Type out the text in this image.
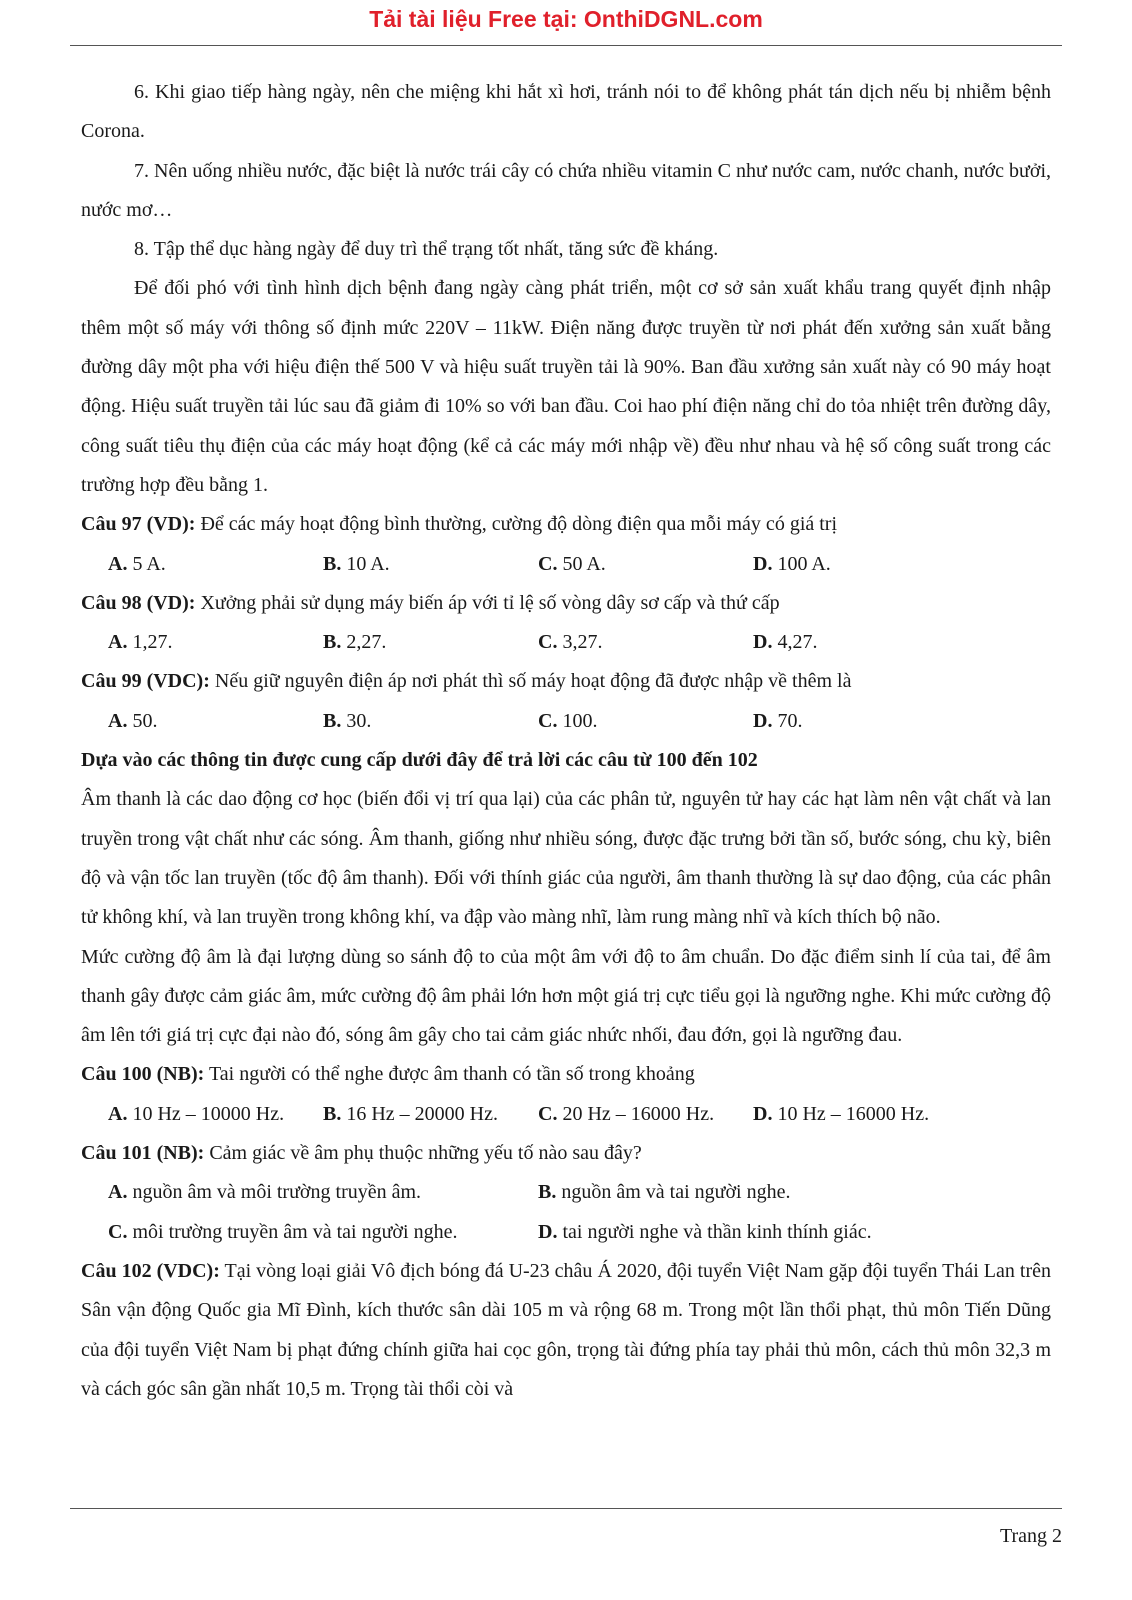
Tải tài liệu Free tại: OnthiDGNL.com

6. Khi giao tiếp hàng ngày, nên che miệng khi hắt xì hơi, tránh nói to để không phát tán dịch nếu bị nhiễm bệnh Corona.

7. Nên uống nhiều nước, đặc biệt là nước trái cây có chứa nhiều vitamin C như nước cam, nước chanh, nước bưởi, nước mơ…

8. Tập thể dục hàng ngày để duy trì thể trạng tốt nhất, tăng sức đề kháng.

Để đối phó với tình hình dịch bệnh đang ngày càng phát triển, một cơ sở sản xuất khẩu trang quyết định nhập thêm một số máy với thông số định mức 220V – 11kW. Điện năng được truyền từ nơi phát đến xưởng sản xuất bằng đường dây một pha với hiệu điện thế 500 V và hiệu suất truyền tải là 90%. Ban đầu xưởng sản xuất này có 90 máy hoạt động. Hiệu suất truyền tải lúc sau đã giảm đi 10% so với ban đầu. Coi hao phí điện năng chỉ do tỏa nhiệt trên đường dây, công suất tiêu thụ điện của các máy hoạt động (kể cả các máy mới nhập về) đều như nhau và hệ số công suất trong các trường hợp đều bằng 1.

Câu 97 (VD): Để các máy hoạt động bình thường, cường độ dòng điện qua mỗi máy có giá trị

A. 5 A.	B. 10 A.	C. 50 A.	D. 100 A.

Câu 98 (VD): Xưởng phải sử dụng máy biến áp với tỉ lệ số vòng dây sơ cấp và thứ cấp

A. 1,27.	B. 2,27.	C. 3,27.	D. 4,27.

Câu 99 (VDC): Nếu giữ nguyên điện áp nơi phát thì số máy hoạt động đã được nhập về thêm là

A. 50.	B. 30.	C. 100.	D. 70.

Dựa vào các thông tin được cung cấp dưới đây để trả lời các câu từ 100 đến 102

Âm thanh là các dao động cơ học (biến đổi vị trí qua lại) của các phân tử, nguyên tử hay các hạt làm nên vật chất và lan truyền trong vật chất như các sóng. Âm thanh, giống như nhiều sóng, được đặc trưng bởi tần số, bước sóng, chu kỳ, biên độ và vận tốc lan truyền (tốc độ âm thanh). Đối với thính giác của người, âm thanh thường là sự dao động, của các phân tử không khí, và lan truyền trong không khí, va đập vào màng nhĩ, làm rung màng nhĩ và kích thích bộ não.

Mức cường độ âm là đại lượng dùng so sánh độ to của một âm với độ to âm chuẩn. Do đặc điểm sinh lí của tai, để âm thanh gây được cảm giác âm, mức cường độ âm phải lớn hơn một giá trị cực tiểu gọi là ngưỡng nghe. Khi mức cường độ âm lên tới giá trị cực đại nào đó, sóng âm gây cho tai cảm giác nhức nhối, đau đớn, gọi là ngưỡng đau.

Câu 100 (NB): Tai người có thể nghe được âm thanh có tần số trong khoảng

A. 10 Hz – 10000 Hz.	B. 16 Hz – 20000 Hz.	C. 20 Hz – 16000 Hz.	D. 10 Hz – 16000 Hz.

Câu 101 (NB): Cảm giác về âm phụ thuộc những yếu tố nào sau đây?

A. nguồn âm và môi trường truyền âm.	B. nguồn âm và tai người nghe.
C. môi trường truyền âm và tai người nghe.	D. tai người nghe và thần kinh thính giác.

Câu 102 (VDC): Tại vòng loại giải Vô địch bóng đá U-23 châu Á 2020, đội tuyển Việt Nam gặp đội tuyển Thái Lan trên Sân vận động Quốc gia Mĩ Đình, kích thước sân dài 105 m và rộng 68 m. Trong một lần thổi phạt, thủ môn Tiến Dũng của đội tuyển Việt Nam bị phạt đứng chính giữa hai cọc gôn, trọng tài đứng phía tay phải thủ môn, cách thủ môn 32,3 m và cách góc sân gần nhất 10,5 m. Trọng tài thổi còi và

Trang 2
